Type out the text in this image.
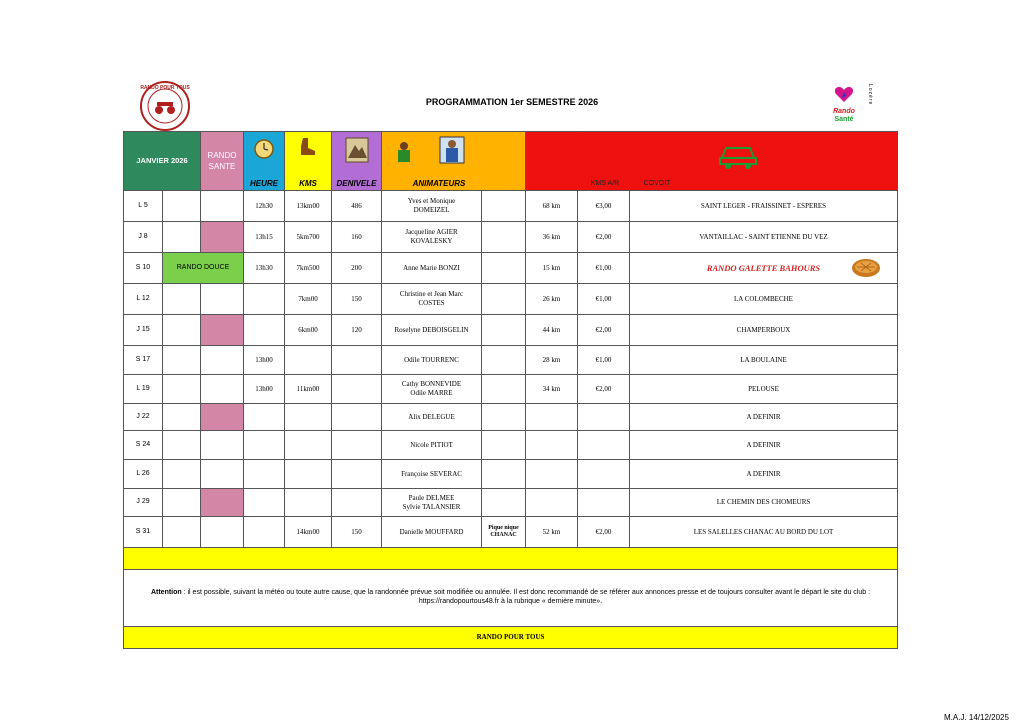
RANDO POUR TOUS
PROGRAMMATION 1er SEMESTRE 2026
Rando
Santé
Lozère
JANVIER 2026		RANDO SANTE	HEURE	KMS	DENIVELE	ANIMATEURS			KMS A/R COVOIT

L 5			12h30	13km00	486	Yves et Monique
DOMEIZEL		68 km	€3,00	SAINT LEGER - FRAISSINET - ESPERES	
J 8			13h15	5km700	160	Jacqueline AGIER
KOVALESKY		36 km	€2,00	VANTAILLAC - SAINT ETIENNE DU VEZ	
S 10	RANDO DOUCE		13h30	7km500	200	Anne Marie BONZI		15 km	€1,00	RANDO GALETTE BAHOURS	

L 12				7km00	150	Christine et Jean Marc
COSTES		26 km	€1,00	LA COLOMBECHE	
J 15				6km00	120	Roselyne DEBOISGELIN		44 km	€2,00	CHAMPERBOUX	
S 17			13h00			Odile TOURRENC		28 km	€1,00	LA BOULAINE	
L 19			13h00	11km00		Cathy BONNEVIDE
Odile MARRE		34 km	€2,00	PELOUSE	
J 22						Alix DELEGUE				A DEFINIR	
S 24						Nicole PITIOT				A DEFINIR	
L 26						Françoise SEVERAC				A DEFINIR	
J 29						Paule DELMEE
Sylvie TALANSIER				LE CHEMIN DES CHOMEURS	
S 31				14km00	150	Danielle MOUFFARD	Pique nique CHANAC	52 km	€2,00	LES SALELLES CHANAC AU BORD DU LOT	

Attention : il est possible, suivant la météo ou toute autre cause, que la randonnée prévue soit modifiée ou annulée. Il est donc recommandé de se référer aux annonces presse et de toujours consulter avant le départ le site du club : https://randopourtous48.fr à la rubrique « dernière minute».											
RANDO POUR TOUS											
M.A.J. 14/12/2025
